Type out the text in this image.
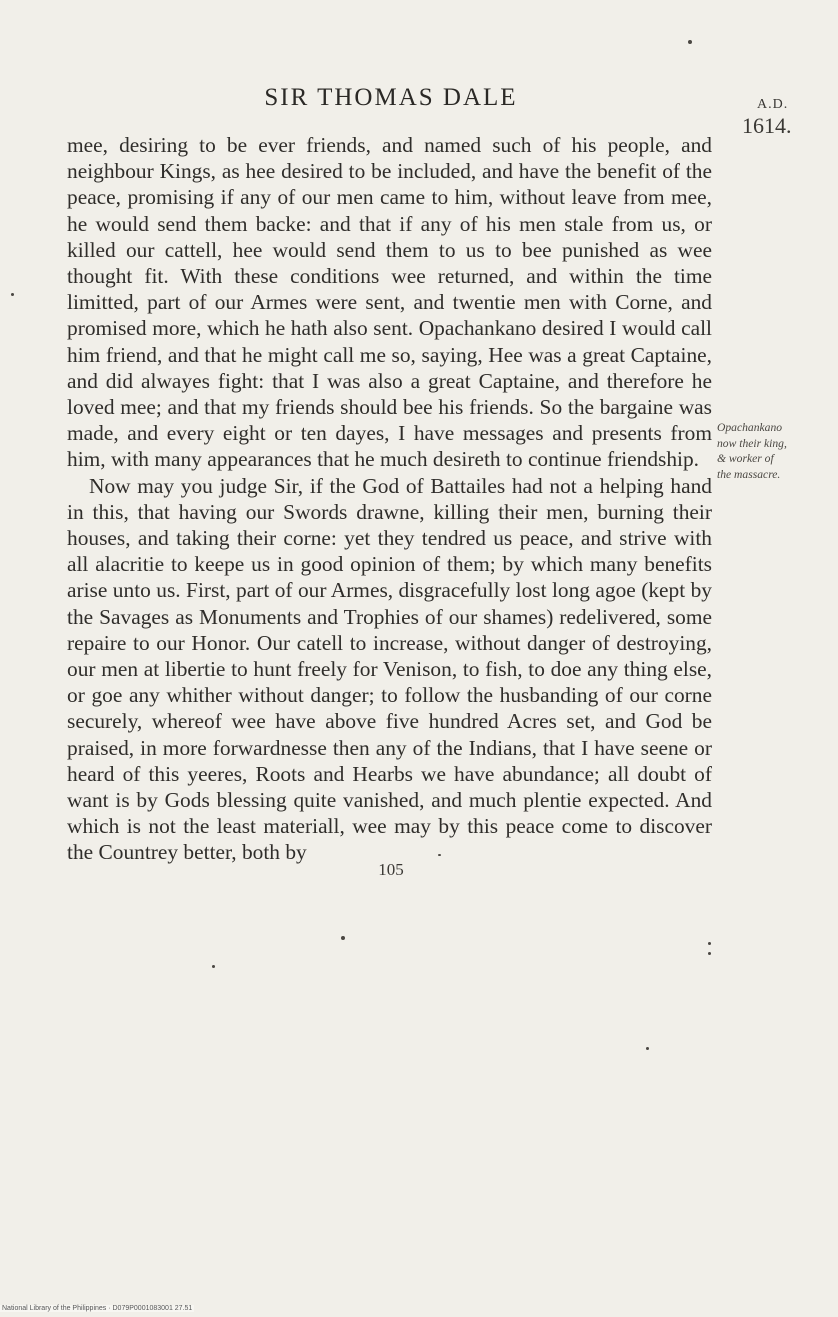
SIR THOMAS DALE	A.D.
1614.

mee, desiring to be ever friends, and named such of his people, and neighbour Kings, as hee desired to be included, and have the benefit of the peace, promising if any of our men came to him, without leave from mee, he would send them backe: and that if any of his men stale from us, or killed our cattell, hee would send them to us to bee punished as wee thought fit. With these conditions wee returned, and within the time limitted, part of our Armes were sent, and twentie men with Corne, and promised more, which he hath also sent. Opachankano desired I would call him friend, and that he might call me so, saying, Hee was a great Captaine, and did alwayes fight: that I was also a great Captaine, and therefore he loved mee; and that my friends should bee his friends. So the bargaine was made, and every eight or ten dayes, I have messages and presents from him, with many appearances that he much desireth to continue friendship.

Now may you judge Sir, if the God of Battailes had not a helping hand in this, that having our Swords drawne, killing their men, burning their houses, and taking their corne: yet they tendred us peace, and strive with all alacritie to keepe us in good opinion of them; by which many benefits arise unto us. First, part of our Armes, disgracefully lost long agoe (kept by the Savages as Monuments and Trophies of our shames) redelivered, some repaire to our Honor. Our catell to increase, without danger of destroying, our men at libertie to hunt freely for Venison, to fish, to doe any thing else, or goe any whither without danger; to follow the husbanding of our corne securely, whereof wee have above five hundred Acres set, and God be praised, in more forwardnesse then any of the Indians, that I have seene or heard of this yeeres, Roots and Hearbs we have abundance; all doubt of want is by Gods blessing quite vanished, and much plentie expected. And which is not the least materiall, wee may by this peace come to discover the Countrey better, both by

Opachankano
now their king,
& worker of
the massacre.
105
National Library of the Philippines · D079P0001083001 27.51
